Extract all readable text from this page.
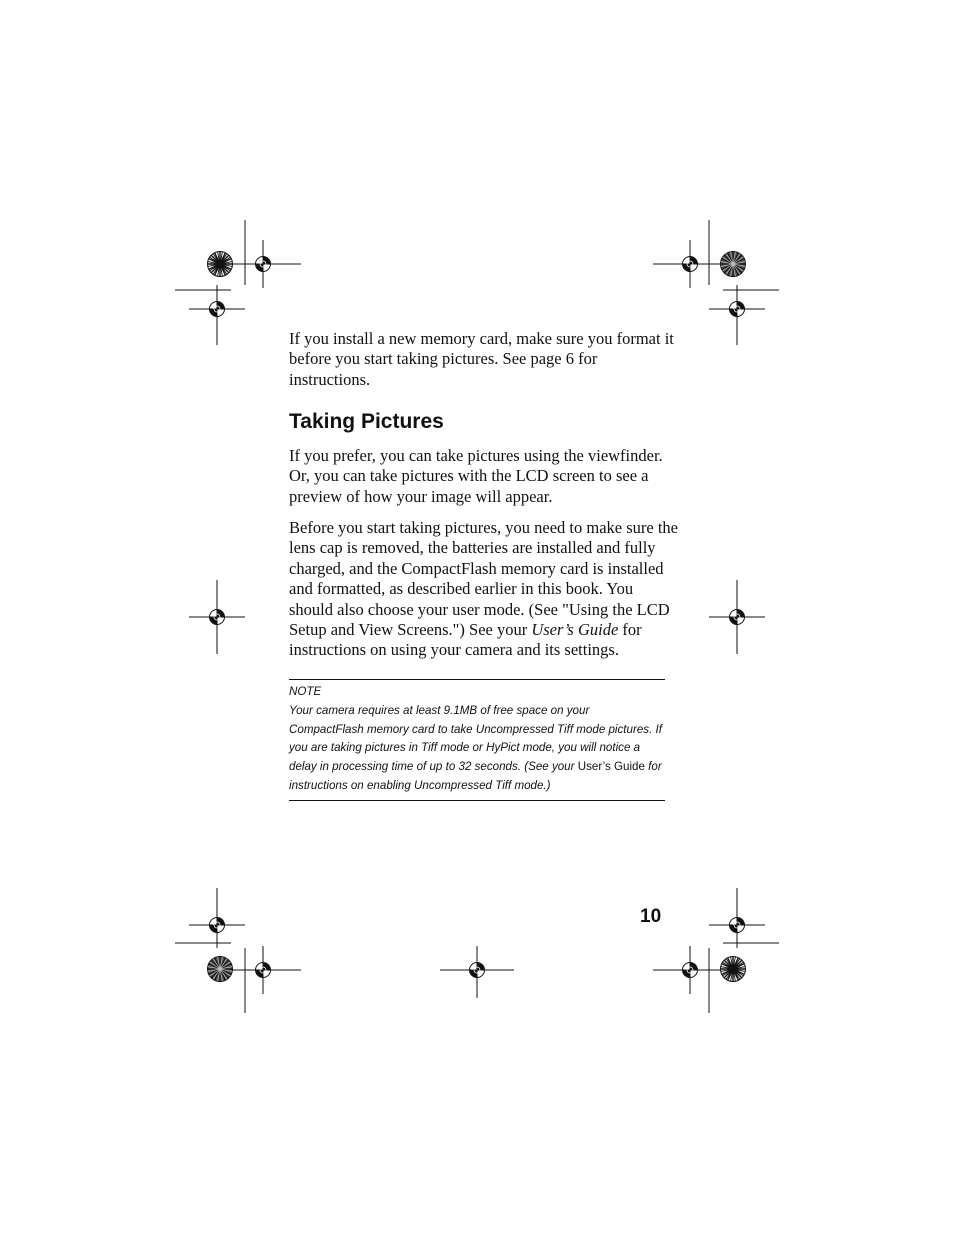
If you install a new memory card, make sure you format it before you start taking pictures. See page 6 for instructions.

Taking Pictures

If you prefer, you can take pictures using the viewfinder. Or, you can take pictures with the LCD screen to see a preview of how your image will appear.

Before you start taking pictures, you need to make sure the lens cap is removed, the batteries are installed and fully charged, and the CompactFlash memory card is installed and formatted, as described earlier in this book. You should also choose your user mode. (See "Using the LCD Setup and View Screens.") See your User’s Guide for instructions on using your camera and its settings.

NOTE
Your camera requires at least 9.1MB of free space on your CompactFlash memory card to take Uncompressed Tiff mode pictures. If you are taking pictures in Tiff mode or HyPict mode, you will notice a delay in processing time of up to 32 seconds. (See your User’s Guide for instructions on enabling Uncompressed Tiff mode.)
10
